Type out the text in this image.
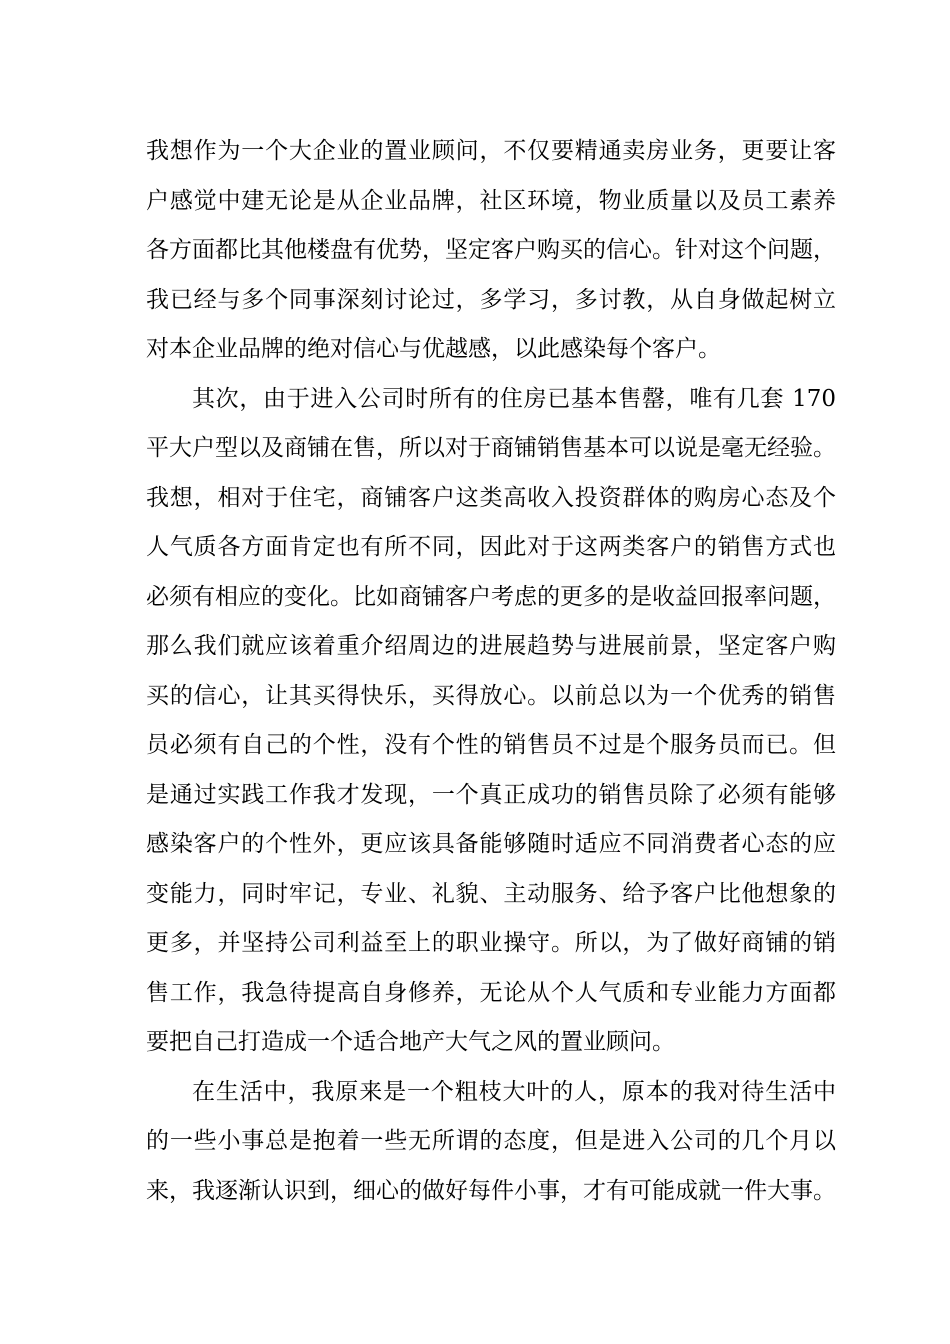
我想作为一个大企业的置业顾问，不仅要精通卖房业务，更要让客
户感觉中建无论是从企业品牌，社区环境，物业质量以及员工素养
各方面都比其他楼盘有优势，坚定客户购买的信心。针对这个问题，
我已经与多个同事深刻讨论过，多学习，多讨教，从自身做起树立
对本企业品牌的绝对信心与优越感，以此感染每个客户。
其次，由于进入公司时所有的住房已基本售罄，唯有几套 170
平大户型以及商铺在售，所以对于商铺销售基本可以说是毫无经验。
我想，相对于住宅，商铺客户这类高收入投资群体的购房心态及个
人气质各方面肯定也有所不同，因此对于这两类客户的销售方式也
必须有相应的变化。比如商铺客户考虑的更多的是收益回报率问题，
那么我们就应该着重介绍周边的进展趋势与进展前景，坚定客户购
买的信心，让其买得快乐，买得放心。以前总以为一个优秀的销售
员必须有自己的个性，没有个性的销售员不过是个服务员而已。但
是通过实践工作我才发现，一个真正成功的销售员除了必须有能够
感染客户的个性外，更应该具备能够随时适应不同消费者心态的应
变能力，同时牢记，专业、礼貌、主动服务、给予客户比他想象的
更多，并坚持公司利益至上的职业操守。所以，为了做好商铺的销
售工作，我急待提高自身修养，无论从个人气质和专业能力方面都
要把自己打造成一个适合地产大气之风的置业顾问。
在生活中，我原来是一个粗枝大叶的人，原本的我对待生活中
的一些小事总是抱着一些无所谓的态度，但是进入公司的几个月以
来，我逐渐认识到，细心的做好每件小事，才有可能成就一件大事。
